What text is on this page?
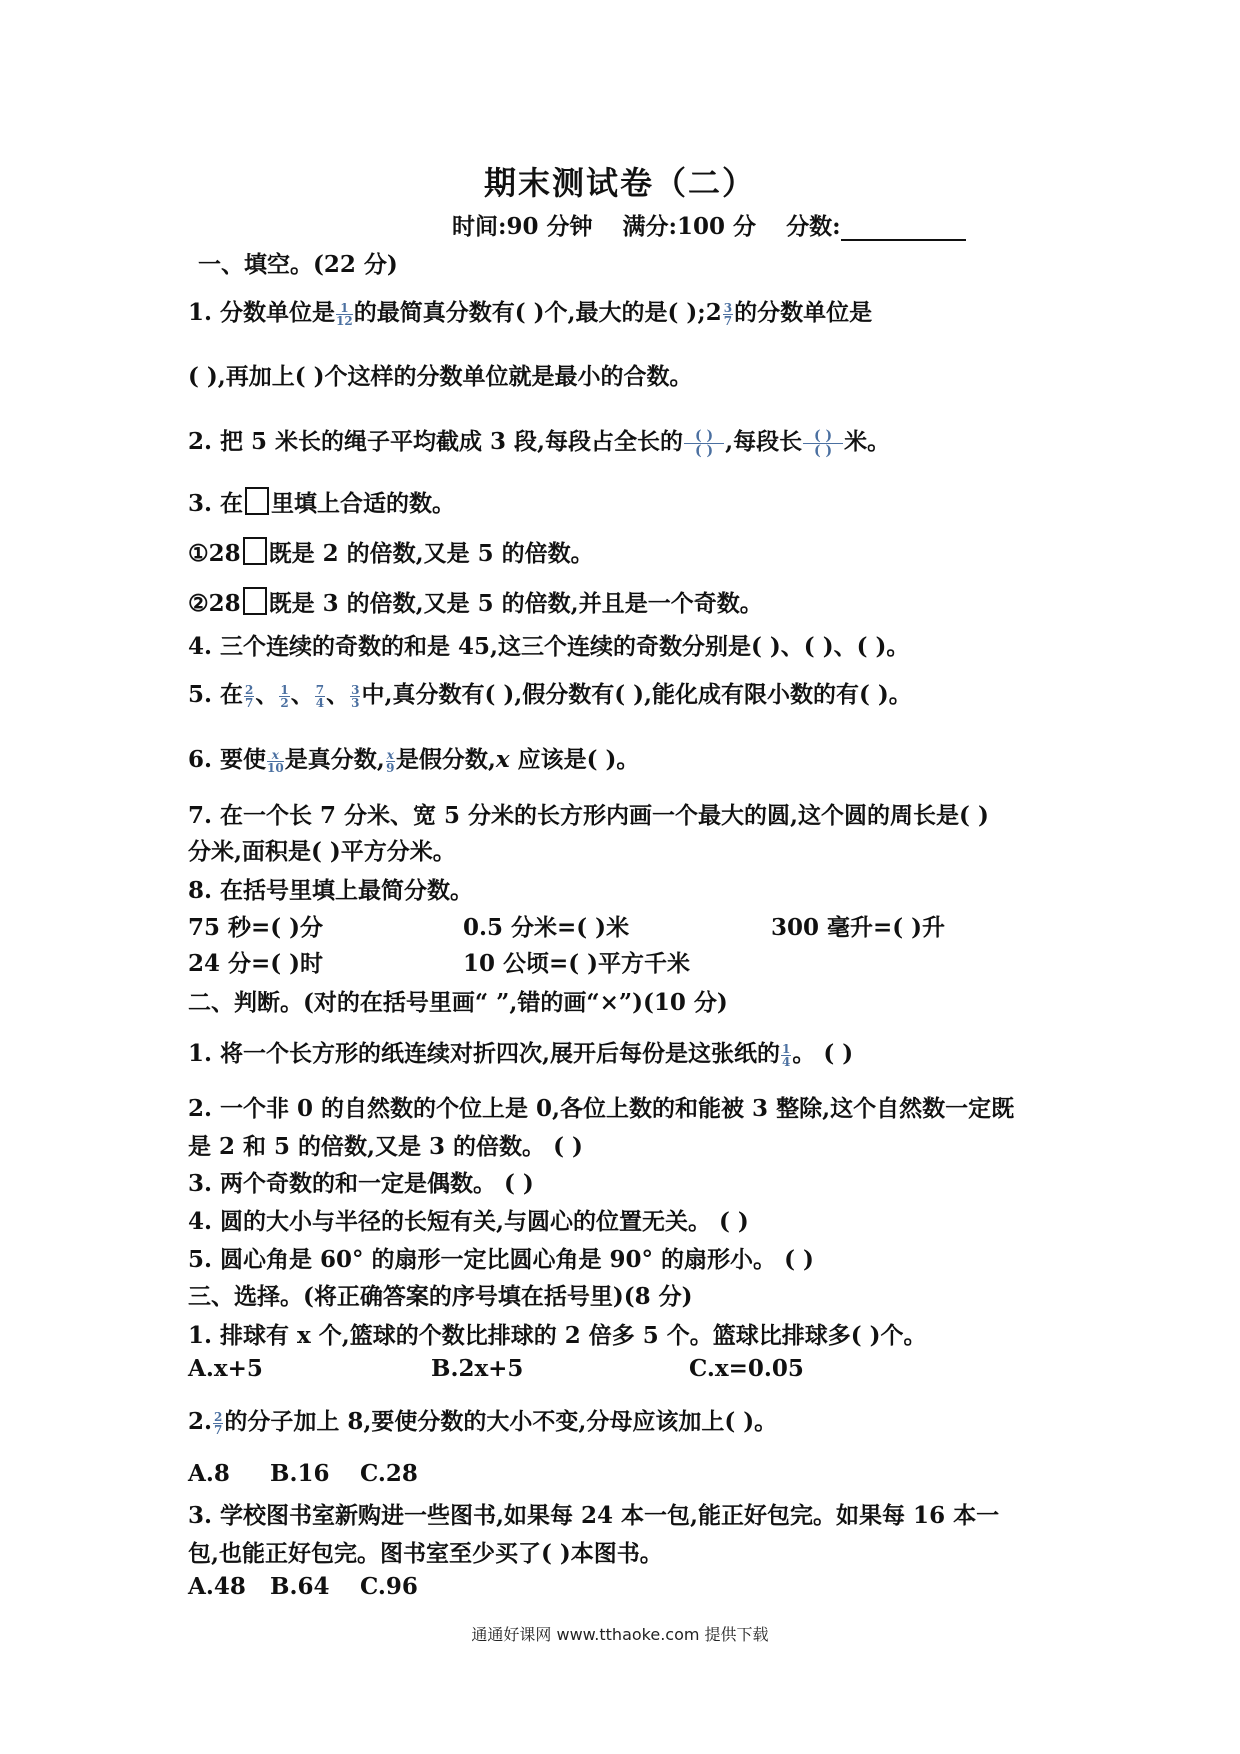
期末测试卷（二）
时间:90 分钟 满分:100 分 分数:
一、填空。(22 分)
1. 分数单位是 $\frac{1}{12}$ 的最简真分数有( )个,最大的是( );2 $\frac{3}{7}$ 的分数单位是
( ),再加上( )个这样的分数单位就是最小的合数。
2. 把 5 米长的绳子平均截成 3 段,每段占全长的 $\frac{( )}{( )}$ ,每段长 $\frac{( )}{( )}$ 米。
3. 在 里填上合适的数。
①28 既是 2 的倍数,又是 5 的倍数。
②28 既是 3 的倍数,又是 5 的倍数,并且是一个奇数。
4. 三个连续的奇数的和是 45,这三个连续的奇数分别是( )、( )、( )。
5. 在 $\frac{2}{7}$ 、 $\frac{1}{2}$ 、 $\frac{7}{4}$ 、 $\frac{3}{3}$ 中,真分数有( ),假分数有( ),能化成有限小数的有( )。
6. 要使 $\frac{x}{10}$ 是真分数, $\frac{x}{9}$ 是假分数,x 应该是( )。
7. 在一个长 7 分米、宽 5 分米的长方形内画一个最大的圆,这个圆的周长是( )
分米,面积是( )平方分米。
8. 在括号里填上最简分数。
75 秒=( )分	0.5 分米=( )米	300 毫升=( )升
24 分=( )时	10 公顷=( )平方千米
二、判断。(对的在括号里画“ ”,错的画“×”)(10 分)
1. 将一个长方形的纸连续对折四次,展开后每份是这张纸的 $\frac{1}{4}$ 。 ( )
2. 一个非 0 的自然数的个位上是 0,各位上数的和能被 3 整除,这个自然数一定既
是 2 和 5 的倍数,又是 3 的倍数。 ( )
3. 两个奇数的和一定是偶数。 ( )
4. 圆的大小与半径的长短有关,与圆心的位置无关。 ( )
5. 圆心角是 60° 的扇形一定比圆心角是 90° 的扇形小。 ( )
三、选择。(将正确答案的序号填在括号里)(8 分)
1. 排球有 x 个,篮球的个数比排球的 2 倍多 5 个。篮球比排球多( )个。
A.x+5	B.2x+5	C.x=0.05
2. $\frac{2}{7}$ 的分子加上 8,要使分数的大小不变,分母应该加上( )。
A.8 B.16 C.28
3. 学校图书室新购进一些图书,如果每 24 本一包,能正好包完。如果每 16 本一
包,也能正好包完。图书室至少买了( )本图书。
A.48 B.64 C.96
通通好课网 www.tthaoke.com 提供下载
